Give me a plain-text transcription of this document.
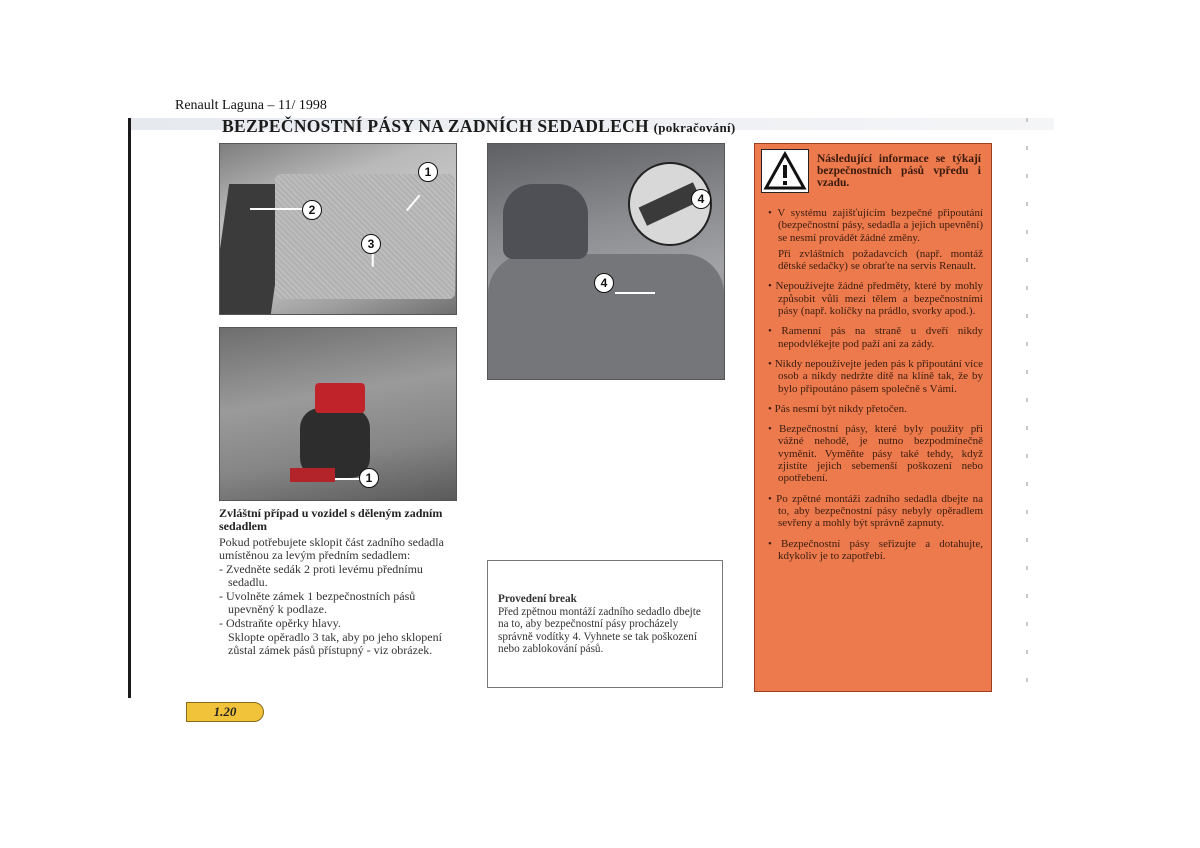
Renault Laguna – 11/ 1998
BEZPEČNOSTNÍ PÁSY NA ZADNÍCH SEDADLECH (pokračování)
1
2
3
1
4
4
Zvláštní případ u vozidel s děleným zadním sedadlem

Pokud potřebujete sklopit část zadního sedadla umístěnou za levým předním sedadlem:

- Zvedněte sedák 2 proti levému přednímu sedadlu.

- Uvolněte zámek 1 bezpečnostních pásů upevněný k podlaze.

- Odstraňte opěrky hlavy.

Sklopte opěradlo 3 tak, aby po jeho sklopení zůstal zámek pásů přístupný - viz obrázek.

Provedení break
Před zpětnou montáží zadního sedadlo dbejte na to, aby bezpečnostní pásy procházely správně vodítky 4. Vyhnete se tak poškození nebo zablokování pásů.
Následující informace se týkají bezpečnostních pásů vpředu i vzadu.

• V systému zajišťujícím bezpečné připoutání (bezpečnostní pásy, sedadla a jejich upevnění) se nesmí provádět žádné změny.

Při zvláštních požadavcích (např. montáž dětské sedačky) se obraťte na servis Renault.

• Nepoužívejte žádné předměty, které by mohly způsobit vůli mezi tělem a bezpečnostními pásy (např. kolíčky na prádlo, svorky apod.).

• Ramenní pás na straně u dveří nikdy nepodvlékejte pod paží ani za zády.

• Nikdy nepoužívejte jeden pás k připoutání více osob a nikdy nedržte dítě na klíně tak, že by bylo připoutáno pásem společně s Vámi.

• Pás nesmí být nikdy přetočen.

• Bezpečnostní pásy, které byly použity při vážné nehodě, je nutno bezpodmínečně vyměnit. Vyměňte pásy také tehdy, když zjistíte jejich sebemenší poškození nebo opotřebení.

• Po zpětné montáži zadního sedadla dbejte na to, aby bezpečnostní pásy nebyly opěradlem sevřeny a mohly být správně zapnuty.

• Bezpečnostní pásy seřizujte a dotahujte, kdykoliv je to zapotřebí.

1.20
